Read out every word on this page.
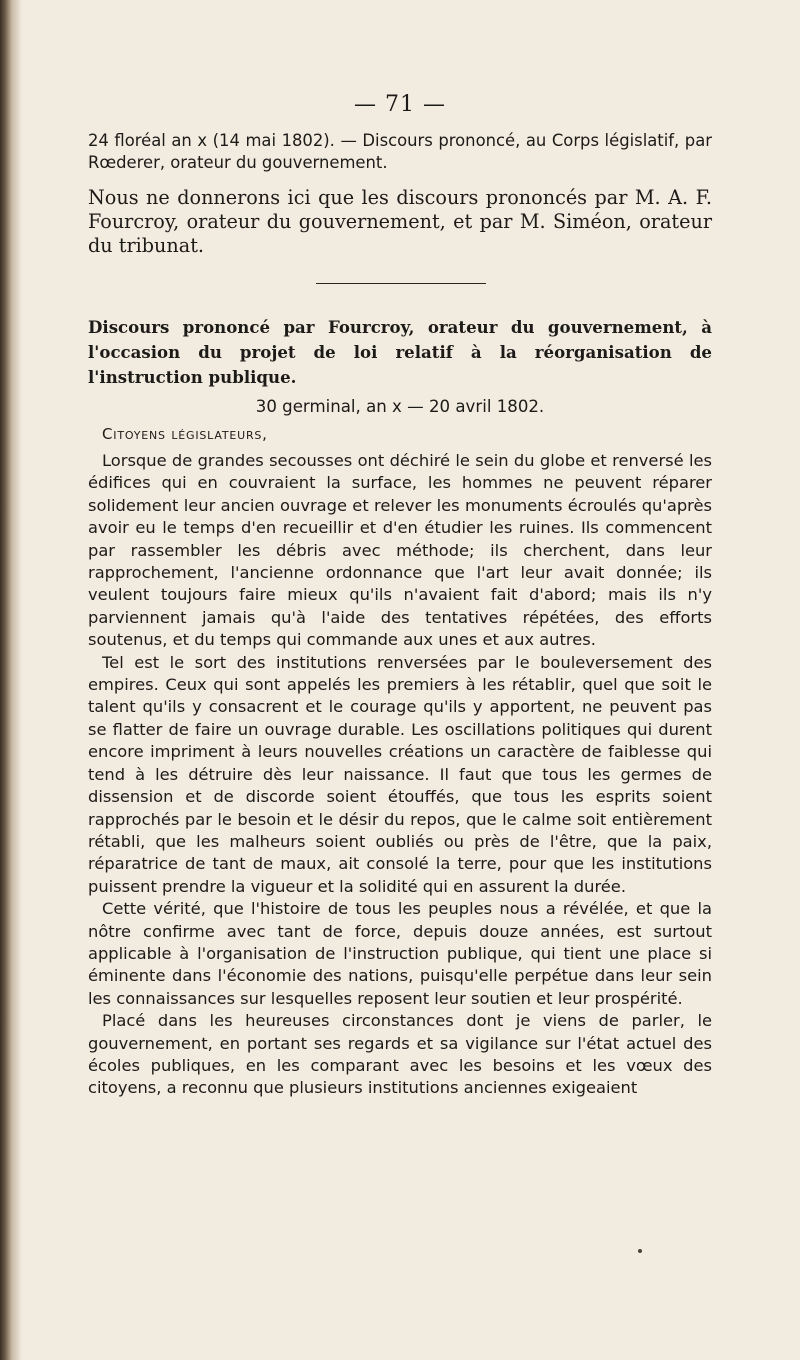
— 71 —
24 floréal an x (14 mai 1802). — Discours prononcé, au Corps législatif, par Rœderer, orateur du gouvernement.
Nous ne donnerons ici que les discours prononcés par M. A. F. Fourcroy, orateur du gouvernement, et par M. Siméon, orateur du tribunat.
Discours prononcé par Fourcroy, orateur du gouvernement, à l'occasion du projet de loi relatif à la réorganisation de l'instruction publique.
30 germinal, an x — 20 avril 1802.
Citoyens législateurs,

Lorsque de grandes secousses ont déchiré le sein du globe et renversé les édifices qui en couvraient la surface, les hommes ne peuvent réparer solidement leur ancien ouvrage et relever les monuments écroulés qu'après avoir eu le temps d'en recueillir et d'en étudier les ruines. Ils commencent par rassembler les débris avec méthode; ils cherchent, dans leur rapprochement, l'ancienne ordonnance que l'art leur avait donnée; ils veulent toujours faire mieux qu'ils n'avaient fait d'abord; mais ils n'y parviennent jamais qu'à l'aide des tentatives répétées, des efforts soutenus, et du temps qui commande aux unes et aux autres.

Tel est le sort des institutions renversées par le bouleversement des empires. Ceux qui sont appelés les premiers à les rétablir, quel que soit le talent qu'ils y consacrent et le courage qu'ils y apportent, ne peuvent pas se flatter de faire un ouvrage durable. Les oscillations politiques qui durent encore impriment à leurs nouvelles créations un caractère de faiblesse qui tend à les détruire dès leur naissance. Il faut que tous les germes de dissension et de discorde soient étouffés, que tous les esprits soient rapprochés par le besoin et le désir du repos, que le calme soit entièrement rétabli, que les malheurs soient oubliés ou près de l'être, que la paix, réparatrice de tant de maux, ait consolé la terre, pour que les institutions puissent prendre la vigueur et la solidité qui en assurent la durée.

Cette vérité, que l'histoire de tous les peuples nous a révélée, et que la nôtre confirme avec tant de force, depuis douze années, est surtout applicable à l'organisation de l'instruction publique, qui tient une place si éminente dans l'économie des nations, puisqu'elle perpétue dans leur sein les connaissances sur lesquelles reposent leur soutien et leur prospérité.

Placé dans les heureuses circonstances dont je viens de parler, le gouvernement, en portant ses regards et sa vigilance sur l'état actuel des écoles publiques, en les comparant avec les besoins et les vœux des citoyens, a reconnu que plusieurs institutions anciennes exigeaient
